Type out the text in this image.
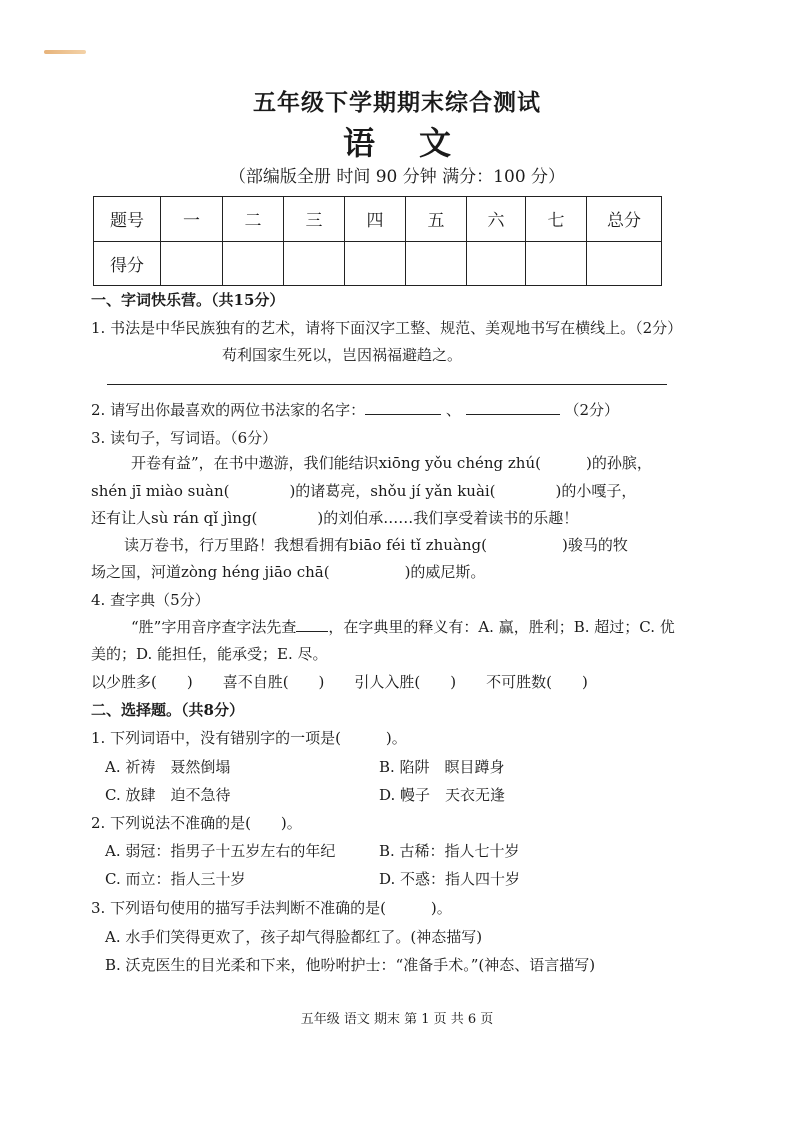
五年级下学期期末综合测试
语 文
（部编版全册 时间 90 分钟 满分：100 分）
题号	一	二	三	四	五	六	七	总分
得分								
一、字词快乐营。（共15分）
1. 书法是中华民族独有的艺术，请将下面汉字工整、规范、美观地书写在横线上。（2分）
苟利国家生死以，岂因祸福避趋之。
2. 请写出你最喜欢的两位书法家的名字：	、	（2分）
3. 读句子，写词语。（6分）
开卷有益”，在书中遨游，我们能结识xiōng yǒu chéng zhú(　　　)的孙膑，
shén jī miào suàn(　　　　)的诸葛亮，shǒu jí yǎn kuài(　　　　)的小嘎子，
还有让人sù rán qǐ jìng(　　　　)的刘伯承……我们享受着读书的乐趣！
读万卷书，行万里路！我想看拥有biāo féi tǐ zhuàng(　　　　　)骏马的牧
场之国，河道zòng héng jiāo chā(　　　　　)的威尼斯。
4. 查字典（5分）
“胜”字用音序查字法先查 ，在字典里的释义有：A. 赢，胜利；B. 超过；C. 优
美的；D. 能担任，能承受；E. 尽。
以少胜多(　　)　　喜不自胜(　　)　　引人入胜(　　)　　不可胜数(　　)
二、选择题。（共8分）
1. 下列词语中，没有错别字的一项是(　　　)。
A. 祈祷　聂然倒塌	B. 陷阱　瞑目蹲身
C. 放肆　迫不急待	D. 幔子　天衣无逢
2. 下列说法不准确的是(　　)。
A. 弱冠：指男子十五岁左右的年纪	B. 古稀：指人七十岁
C. 而立：指人三十岁	D. 不惑：指人四十岁
3. 下列语句使用的描写手法判断不准确的是(　　　)。
A. 水手们笑得更欢了，孩子却气得脸都红了。(神态描写)
B. 沃克医生的目光柔和下来，他吩咐护士：“准备手术。”(神态、语言描写)
五年级 语文 期末 第 1 页 共 6 页
